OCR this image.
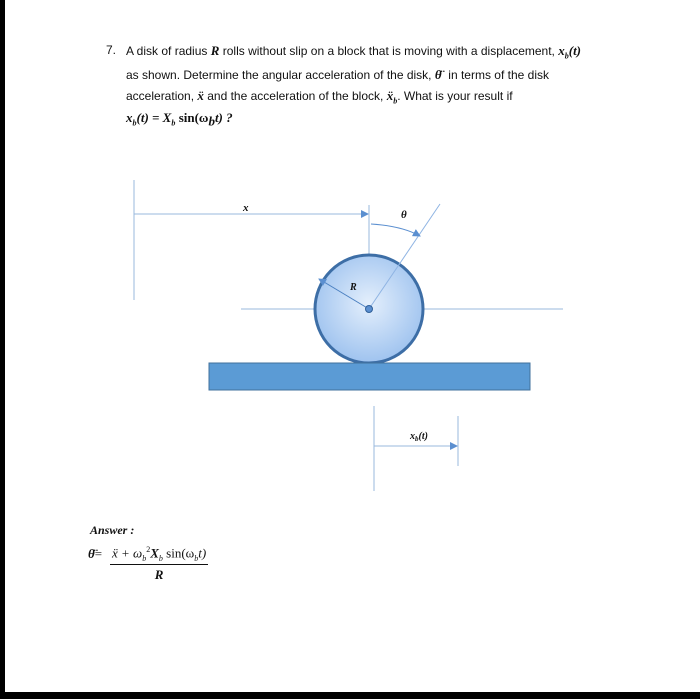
7. A disk of radius R rolls without slip on a block that is moving with a displacement, $x_b(t)$
as shown. Determine the angular acceleration of the disk, θ̈ in terms of the disk
acceleration, ẍ and the acceleration of the block, ẍ$_b$. What is your result if
$x_b(t) = X_b$ $\sin(\omega_bt)$ ?
x
θ
R
$x_b(t)$
Answer :
θ̈= ẍ + $\omega_b^2X_b$ $\sin(\omega_bt)$
R
